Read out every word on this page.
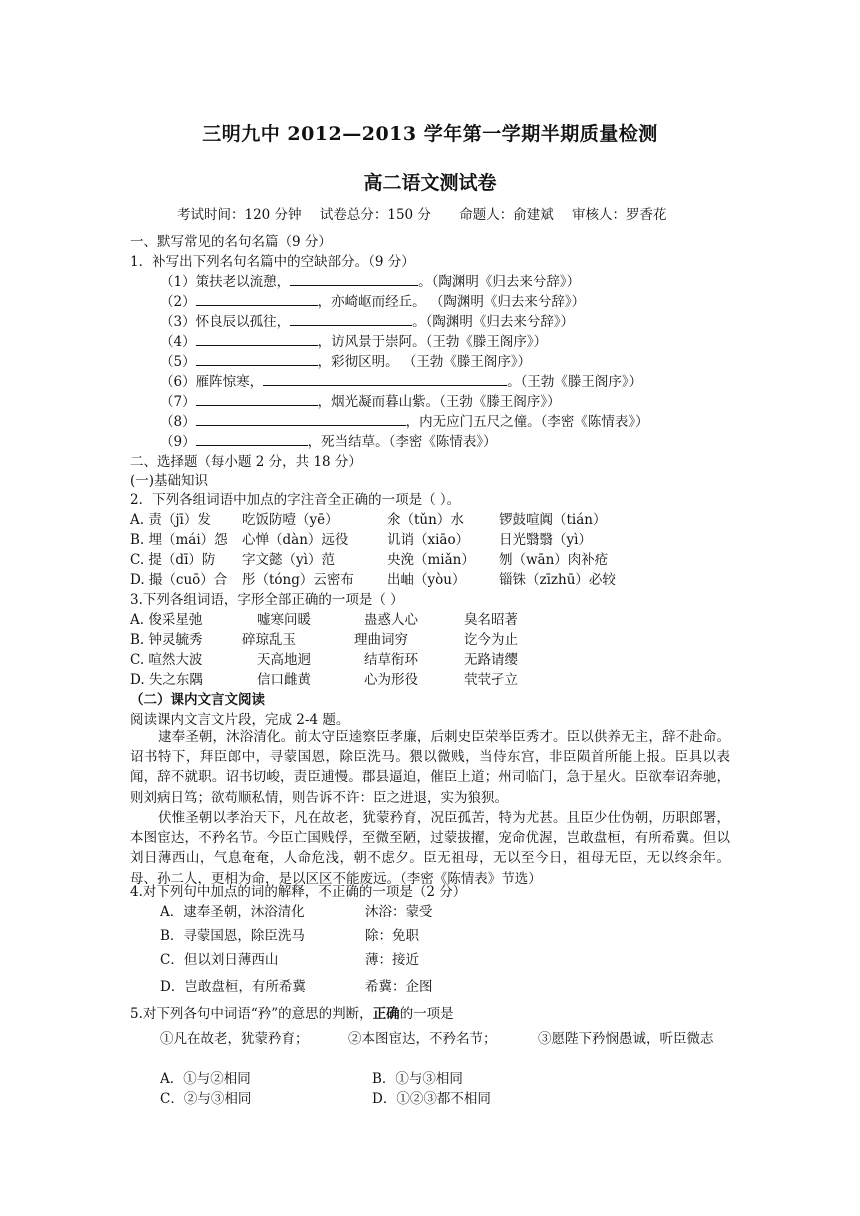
三明九中 2012—2013 学年第一学期半期质量检测
高二语文测试卷
考试时间：120 分钟 试卷总分：150 分 命题人：俞建斌 审核人：罗香花
一、默写常见的名句名篇（9 分）
1．补写出下列名句名篇中的空缺部分。（9 分）
（1）策扶老以流憩，	。（陶渊明《归去来兮辞》）
（2）	，亦崎岖而经丘。 （陶渊明《归去来兮辞》）
（3）怀良辰以孤往，	。（陶渊明《归去来兮辞》）
（4）	，访风景于崇阿。（王勃《滕王阁序》）
（5）	，彩彻区明。 （王勃《滕王阁序》）
（6）雁阵惊寒，	。（王勃《滕王阁序》）
（7）	，烟光凝而暮山紫。（王勃《滕王阁序》）
（8）	，内无应门五尺之僮。（李密《陈情表》）
（9）	，死当结草。（李密《陈情表》）
二、选择题（每小题 2 分，共 18 分）
(一)基础知识
2．下列各组词语中加点的字注音全正确的一项是（ ）。
A. 责（jī）发 吃饭防噎（yē）	氽（tǔn）水	锣鼓喧阗（tián）
B. 埋（mái）怨 心惮（dàn）远役	讥诮（xiāo） 日光翳翳（yì）
C. 提（dī）防 字文懿（yì）范	央浼（miǎn） 刎（wān）肉补疮
D. 撮（cuō）合 彤（tóng）云密布 出岫（yòu） 锱铢（zīzhū）必较
3.下列各组词语，字形全部正确的一项是（ ）
A. 俊采星弛	嘘寒问暖	蛊惑人心	臭名昭著
B. 钟灵毓秀	碎琼乱玉	理曲词穷	讫今为止
C. 喧然大波	天高地迥	结草衔环	无路请缨
D. 失之东隅	信口雌黄	心为形役	茕茕孑立
（二）课内文言文阅读
阅读课内文言文片段，完成 2-4 题。
逮奉圣朝，沐浴清化。前太守臣逵察臣孝廉，后刺史臣荣举臣秀才。臣以供养无主，辞不赴命。诏书特下，拜臣郎中，寻蒙国恩，除臣洗马。猥以微贱，当侍东宫，非臣陨首所能上报。臣具以表闻，辞不就职。诏书切峻，责臣逋慢。郡县逼迫，催臣上道；州司临门，急于星火。臣欲奉诏奔驰，则刘病日笃；欲苟顺私情，则告诉不许：臣之进退，实为狼狈。
伏惟圣朝以孝治天下，凡在故老，犹蒙矜育，况臣孤苦，特为尤甚。且臣少仕伪朝，历职郎署，本图宦达，不矜名节。今臣亡国贱俘，至微至陋，过蒙拔擢，宠命优渥，岂敢盘桓，有所希冀。但以刘日薄西山，气息奄奄，人命危浅，朝不虑夕。臣无祖母，无以至今日，祖母无臣，无以终余年。母、孙二人，更相为命，是以区区不能废远。（李密《陈情表》节选）
4.对下列句中加点的词的解释，不正确的一项是（2 分）
A．逮奉圣朝，沐浴清化	沐浴：蒙受
B．寻蒙国恩，除臣洗马	除：免职
C．但以刘日薄西山	薄：接近
D．岂敢盘桓，有所希冀	希冀：企图
5.对下列各句中词语“矜”的意思的判断，正确的一项是
①凡在故老，犹蒙矜育；	②本图宦达，不矜名节；	③愿陛下矜悯愚诚，听臣微志
A．①与②相同	B．①与③相同
C．②与③相同	D．①②③都不相同
